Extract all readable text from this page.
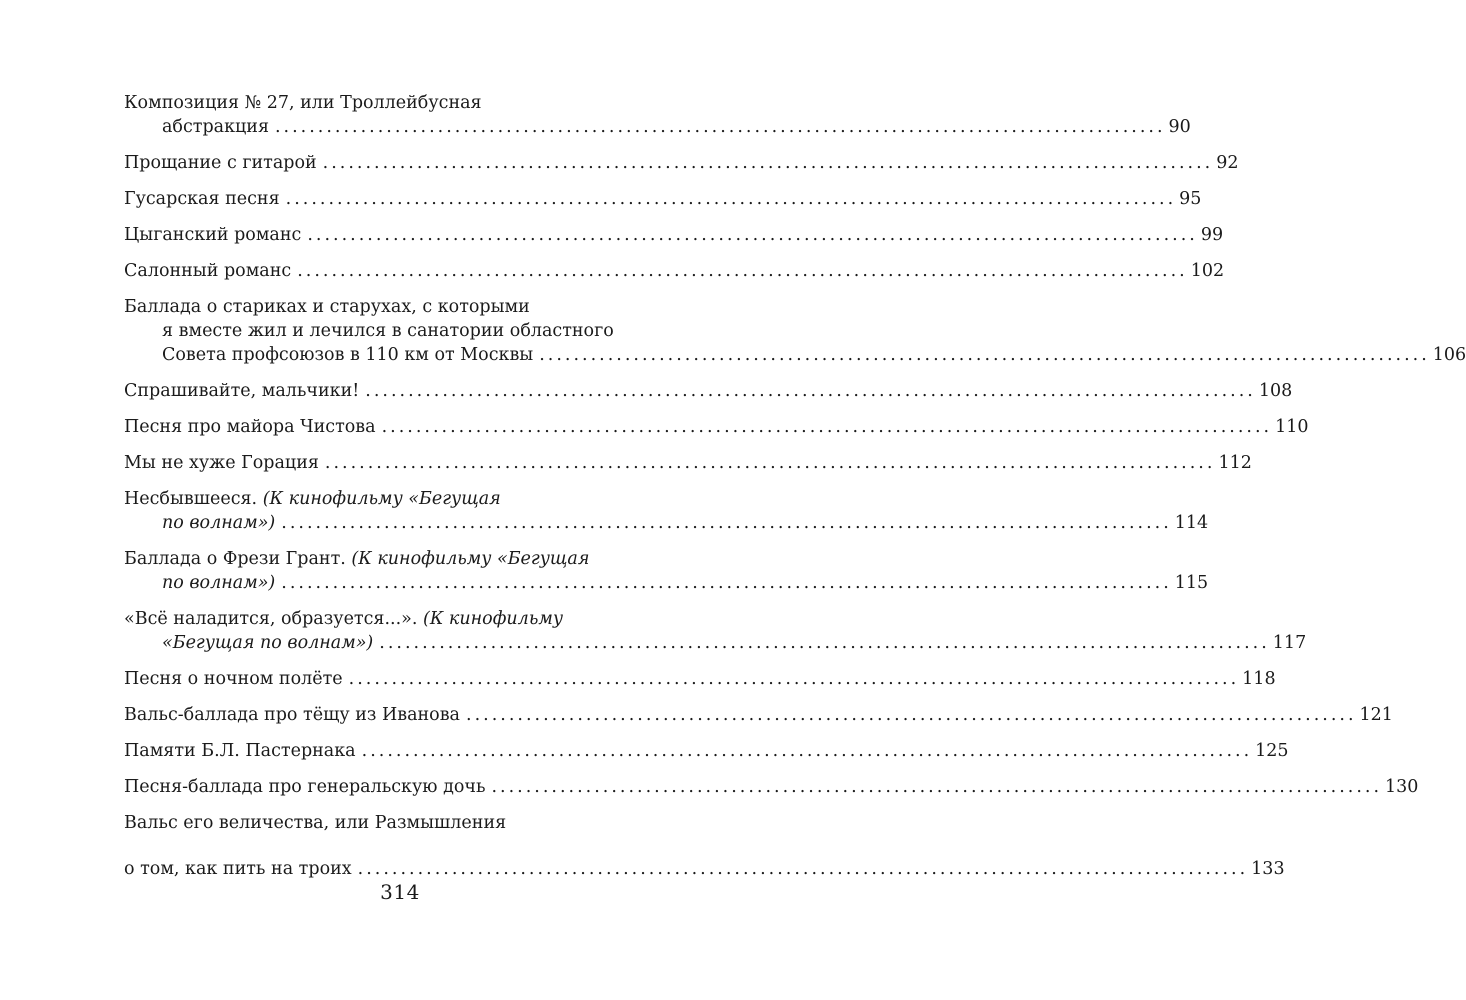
Композиция № 27, или Троллейбусная
абстракция ........................................................................................................ 90
Прощание с гитарой ........................................................................................................ 92
Гусарская песня ........................................................................................................ 95
Цыганский романс ........................................................................................................ 99
Салонный романс ........................................................................................................ 102
Баллада о стариках и старухах, с которыми
я вместе жил и лечился в санатории областного
Совета профсоюзов в 110 км от Москвы ........................................................................................................ 106
Спрашивайте, мальчики! ........................................................................................................ 108
Песня про майора Чистова ........................................................................................................ 110
Мы не хуже Горация ........................................................................................................ 112
Несбывшееся. (К кинофильму «Бегущая
по волнам») ........................................................................................................ 114
Баллада о Фрези Грант. (К кинофильму «Бегущая
по волнам») ........................................................................................................ 115
«Всё наладится, образуется...». (К кинофильму
«Бегущая по волнам») ........................................................................................................ 117
Песня о ночном полёте ........................................................................................................ 118
Вальс-баллада про тёщу из Иванова ........................................................................................................ 121
Памяти Б.Л. Пастернака ........................................................................................................ 125
Песня-баллада про генеральскую дочь ........................................................................................................ 130
Вальс его величества, или Размышления
о том, как пить на троих ........................................................................................................ 133
314
